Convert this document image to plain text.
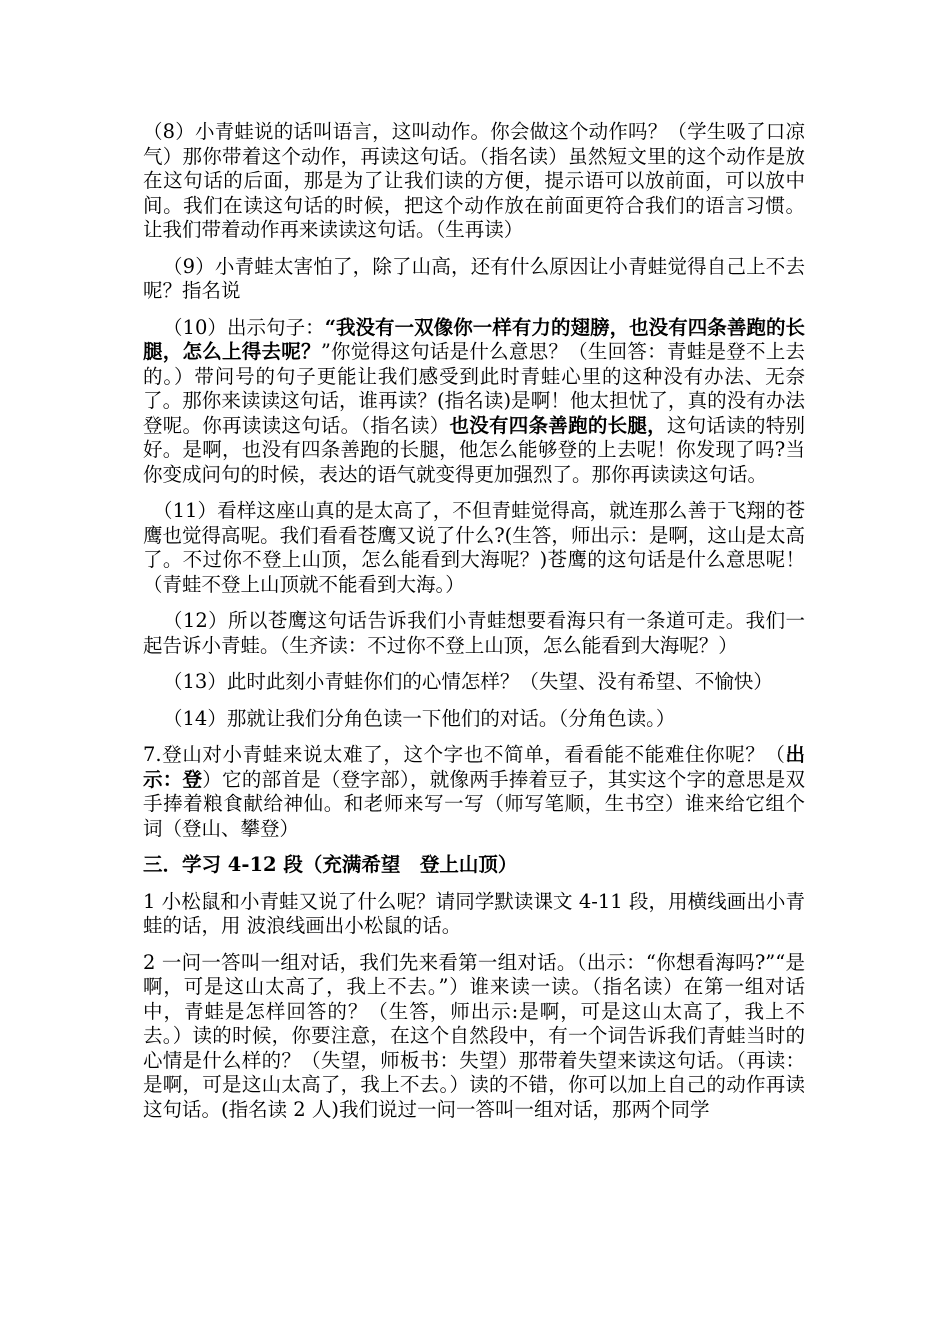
（8）小青蛙说的话叫语言，这叫动作。你会做这个动作吗？（学生吸了口凉气）那你带着这个动作，再读这句话。（指名读）虽然短文里的这个动作是放在这句话的后面，那是为了让我们读的方便，提示语可以放前面，可以放中间。我们在读这句话的时候，把这个动作放在前面更符合我们的语言习惯。让我们带着动作再来读读这句话。（生再读）

（9）小青蛙太害怕了，除了山高，还有什么原因让小青蛙觉得自己上不去呢？指名说

（10）出示句子：“我没有一双像你一样有力的翅膀，也没有四条善跑的长腿，怎么上得去呢？”你觉得这句话是什么意思？（生回答：青蛙是登不上去的。）带问号的句子更能让我们感受到此时青蛙心里的这种没有办法、无奈了。那你来读读这句话，谁再读？(指名读)是啊！他太担忧了，真的没有办法登呢。你再读读这句话。（指名读）也没有四条善跑的长腿，这句话读的特别好。是啊，也没有四条善跑的长腿，他怎么能够登的上去呢！你发现了吗?当你变成问句的时候，表达的语气就变得更加强烈了。那你再读读这句话。

（11）看样这座山真的是太高了，不但青蛙觉得高，就连那么善于飞翔的苍鹰也觉得高呢。我们看看苍鹰又说了什么?(生答，师出示：是啊，这山是太高了。不过你不登上山顶，怎么能看到大海呢？)苍鹰的这句话是什么意思呢！（青蛙不登上山顶就不能看到大海。）

（12）所以苍鹰这句话告诉我们小青蛙想要看海只有一条道可走。我们一起告诉小青蛙。（生齐读：不过你不登上山顶，怎么能看到大海呢？）

（13）此时此刻小青蛙你们的心情怎样？（失望、没有希望、不愉快）

（14）那就让我们分角色读一下他们的对话。（分角色读。）

7.登山对小青蛙来说太难了，这个字也不简单，看看能不能难住你呢？（出示：登）它的部首是（登字部），就像两手捧着豆子，其实这个字的意思是双手捧着粮食献给神仙。和老师来写一写（师写笔顺，生书空）谁来给它组个词（登山、攀登）

三．学习 4-12 段（充满希望　登上山顶）

1 小松鼠和小青蛙又说了什么呢？请同学默读课文 4-11 段，用横线画出小青蛙的话，用 波浪线画出小松鼠的话。

2 一问一答叫一组对话，我们先来看第一组对话。（出示：“你想看海吗?”“是啊，可是这山太高了，我上不去。”）谁来读一读。（指名读）在第一组对话中，青蛙是怎样回答的？（生答，师出示:是啊，可是这山太高了，我上不去。）读的时候，你要注意，在这个自然段中，有一个词告诉我们青蛙当时的心情是什么样的？（失望，师板书：失望）那带着失望来读这句话。（再读：是啊，可是这山太高了，我上不去。）读的不错，你可以加上自己的动作再读这句话。(指名读 2 人)我们说过一问一答叫一组对话，那两个同学
